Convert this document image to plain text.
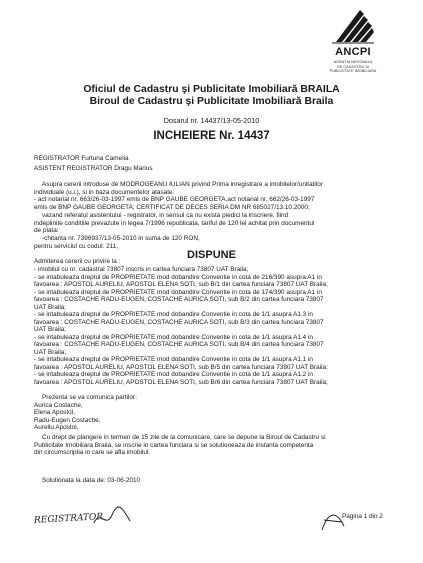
ANCPI
AGENTIA NATIONALA
DE CADASTRU SI
PUBLICITATE IMOBILIARA
Oficiul de Cadastru şi Publicitate Imobiliară BRAILA
Biroul de Cadastru şi Publicitate Imobiliară Braila
Dosarul nr. 14437/13-05-2010
INCHEIERE Nr. 14437
REGISTRATOR Furtuna Camelia
ASISTENT REGISTRATOR Dragu Marius
Asupra cererii introduse de MODROGEANU IULIAN privind Prima inregistrare a imobilelor/unitatilor
individuale (u.i.), si in baza documentelor atasate:
- act notarial nr. 663/26-03-1997 emis de BNP GAUBE GEORGETA,act notarial nr. 662/26-03-1997
emis de BNP GAUBE GEORGETA; CERTIFICAT DE DECES SERIA DM NR 685027/13.10.2000;
vazand referatul asistentului - registrator, in sensul ca nu exista piedici la inscriere, fiind
indeplinite conditiile prevazute in legea 7/1996 republicata, tariful de 120 lei achitat prin documentul
de plata:
-chitanta nr. 7396937/13-05-2010 in suma de 120 RON,
pentru serviciul cu codul: 211,
DISPUNE
Admiterea cererii cu privire la :
- imobilul cu nr. cadastral 73807 inscris in cartea funciara 73807 UAT Braila;
- se intabuleaza dreptul de PROPRIETATE mod dobandire Conventie in cota de 216/390 asupra A1 in
favoarea : APOSTOL AURELIU, APOSTOL ELENA SOTI, sub B/1 din cartea funciara 73807 UAT Braila;
- se intabuleaza dreptul de PROPRIETATE mod dobandire Conventie in cota de 174/390 asupra A1 in
favoarea : COSTACHE RADU-EUGEN, COSTACHE AURICA SOTI, sub B/2 din cartea funciara 73807
UAT Braila;
- se intabuleaza dreptul de PROPRIETATE mod dobandire Conventie in cota de 1/1 asupra A1.3 in
favoarea : COSTACHE RADU-EUGEN, COSTACHE AURICA SOTI, sub B/3 din cartea funciara 73807
UAT Braila;
- se intabuleaza dreptul de PROPRIETATE mod dobandire Conventie in cota de 1/1 asupra A1.4 in
favoarea : COSTACHE RADU-EUGEN, COSTACHE AURICA SOTI, sub B/4 din cartea funciara 73807
UAT Braila;
- se intabuleaza dreptul de PROPRIETATE mod dobandire Conventie in cota de 1/1 asupra A1.1 in
favoarea : APOSTOL AURELIU, APOSTOL ELENA SOTI, sub B/5 din cartea funciara 73807 UAT Braila;
- se intabuleaza dreptul de PROPRIETATE mod dobandire Conventie in cota de 1/1 asupra A1.2 in
favoarea : APOSTOL AURELIU, APOSTOL ELENA SOTI, sub B/6 din cartea funciara 73807 UAT Braila;
Prezenta se va comunica partilor:
Aurica Costache,
Elena Apostol,
Radu-Eugen Costache,
Aureliu Apostol.
Cu drept de plangere in termen de 15 zile de la comunicare, care se depune la Biroul de Cadastru si
Publicitate Imobiliara Braila, se inscrie in cartea funciara si se solutioneaza de instanta competenta
din circumscriptia in care se afla imobilul.
Solutionata la data de: 03-06-2010
REGISTRATOR	Pagina 1 din 2
